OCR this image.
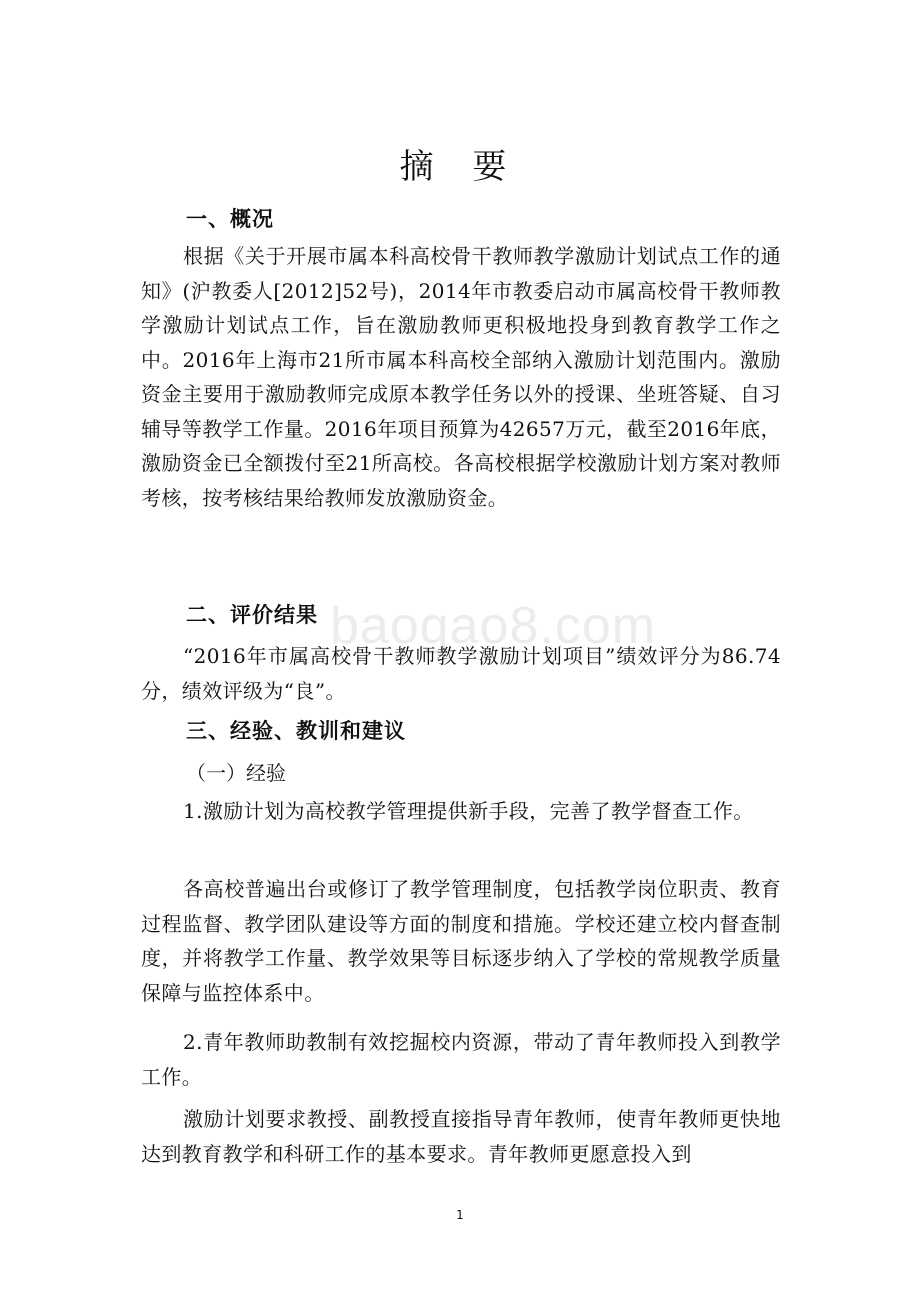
baogao8.com
摘 要
一、概况
根据《关于开展市属本科高校骨干教师教学激励计划试点工作的通知》(沪教委人[2012]52号)，2014年市教委启动市属高校骨干教师教学激励计划试点工作，旨在激励教师更积极地投身到教育教学工作之中。2016年上海市21所市属本科高校全部纳入激励计划范围内。激励资金主要用于激励教师完成原本教学任务以外的授课、坐班答疑、自习辅导等教学工作量。2016年项目预算为42657万元，截至2016年底，激励资金已全额拨付至21所高校。各高校根据学校激励计划方案对教师考核，按考核结果给教师发放激励资金。
二、评价结果
“2016年市属高校骨干教师教学激励计划项目”绩效评分为86.74分，绩效评级为“良”。
三、经验、教训和建议
（一）经验
1.激励计划为高校教学管理提供新手段，完善了教学督查工作。
各高校普遍出台或修订了教学管理制度，包括教学岗位职责、教育过程监督、教学团队建设等方面的制度和措施。学校还建立校内督查制度，并将教学工作量、教学效果等目标逐步纳入了学校的常规教学质量保障与监控体系中。
2.青年教师助教制有效挖掘校内资源，带动了青年教师投入到教学工作。
激励计划要求教授、副教授直接指导青年教师，使青年教师更快地达到教育教学和科研工作的基本要求。青年教师更愿意投入到
1
